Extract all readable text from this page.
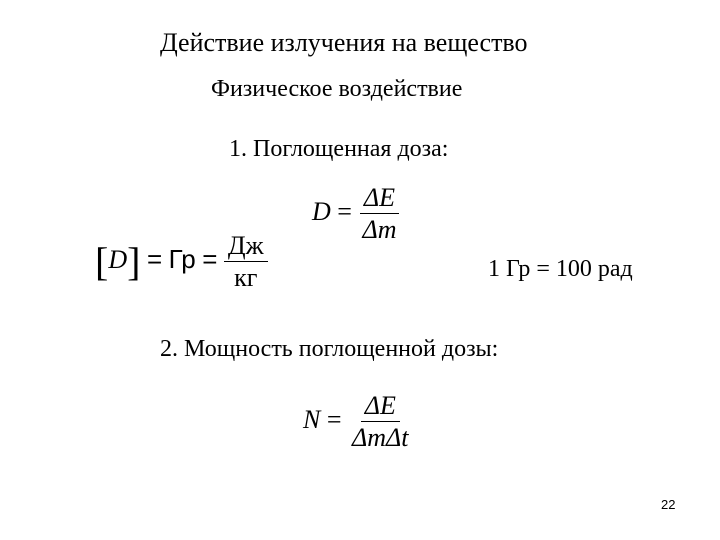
Действие излучения на вещество
Физическое воздействие
1. Поглощенная доза:
$D = \frac{\Delta E}{\Delta m}$
[D] = Гр = $\frac{Дж}{кг}$	1 Гр = 100 рад
2. Мощность поглощенной дозы:
$N = \frac{\Delta E}{\text{ΔmΔt}}$
22
